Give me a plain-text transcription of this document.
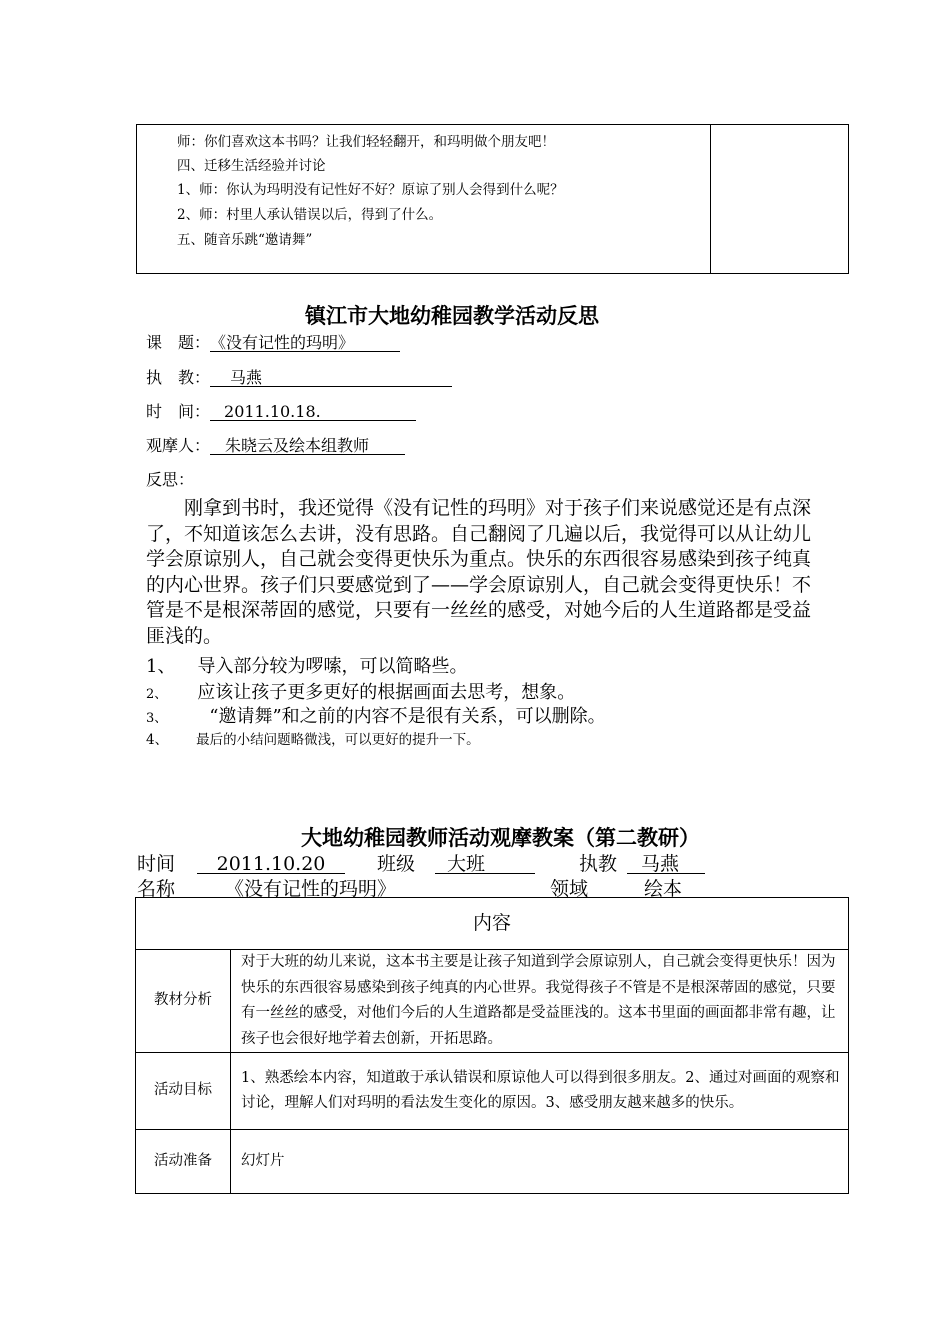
师：你们喜欢这本书吗？让我们轻轻翻开，和玛明做个朋友吧！
四、迁移生活经验并讨论
1、师：你认为玛明没有记性好不好？原谅了别人会得到什么呢？
2、师：村里人承认错误以后，得到了什么。
五、随音乐跳“邀请舞”
镇江市大地幼稚园教学活动反思
课　题：《没有记性的玛明》
执　教： 马燕
时　间： 2011.10.18.
观摩人： 朱晓云及绘本组教师
反思：
刚拿到书时，我还觉得《没有记性的玛明》对于孩子们来说感觉还是有点深了，不知道该怎么去讲，没有思路。自己翻阅了几遍以后，我觉得可以从让幼儿学会原谅别人，自己就会变得更快乐为重点。快乐的东西很容易感染到孩子纯真的内心世界。孩子们只要感觉到了——学会原谅别人，自己就会变得更快乐！不管是不是根深蒂固的感觉，只要有一丝丝的感受，对她今后的人生道路都是受益匪浅的。
1、 导入部分较为啰嗦，可以简略些。
2、 应该让孩子更多更好的根据画面去思考，想象。
3、 “邀请舞”和之前的内容不是很有关系，可以删除。
4、 最后的小结问题略微浅，可以更好的提升一下。
大地幼稚园教师活动观摩教案（第二教研）
时间 2011.10.20	班级 大班	执教 马燕
名称	《没有记性的玛明》	领域	绘本
内容	
教材分析	对于大班的幼儿来说，这本书主要是让孩子知道到学会原谅别人，自己就会变得更快乐！因为快乐的东西很容易感染到孩子纯真的内心世界。我觉得孩子不管是不是根深蒂固的感觉，只要有一丝丝的感受，对他们今后的人生道路都是受益匪浅的。这本书里面的画面都非常有趣，让孩子也会很好地学着去创新，开拓思路。
活动目标	1、熟悉绘本内容，知道敢于承认错误和原谅他人可以得到很多朋友。2、通过对画面的观察和讨论，理解人们对玛明的看法发生变化的原因。3、感受朋友越来越多的快乐。
活动准备	幻灯片
